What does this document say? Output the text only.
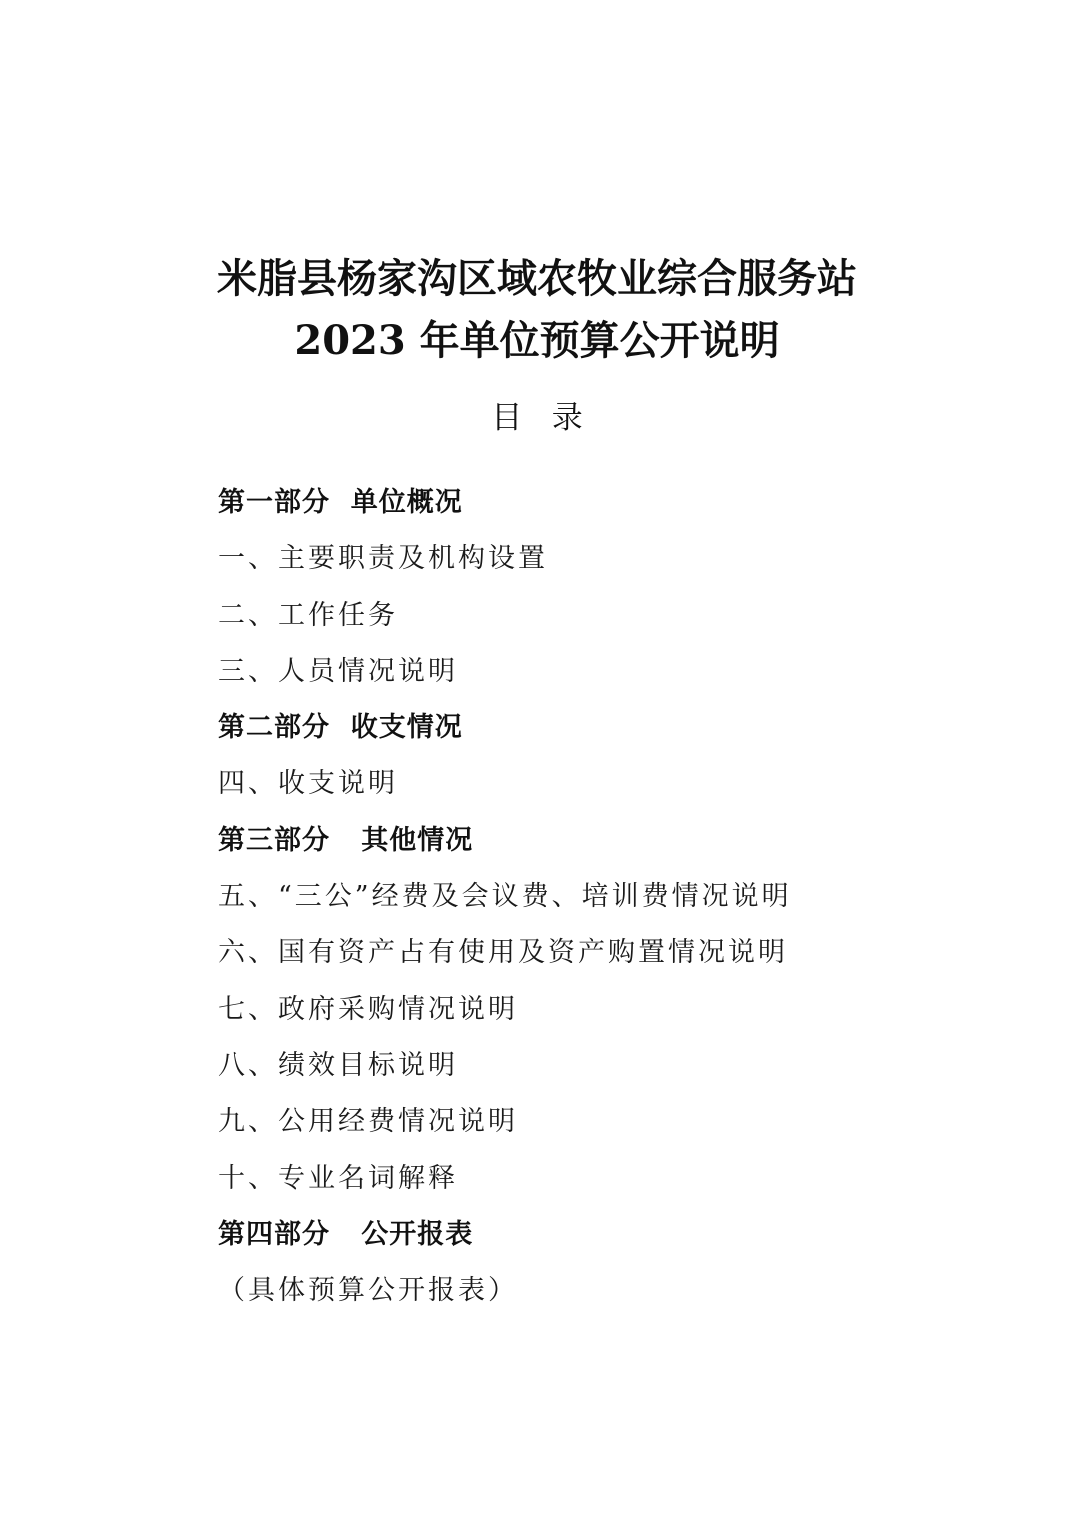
米脂县杨家沟区域农牧业综合服务站
2023 年单位预算公开说明
目   录
第一部分  单位概况
一、主要职责及机构设置
二、工作任务
三、人员情况说明
第二部分  收支情况
四、收支说明
第三部分   其他情况
五、“三公”经费及会议费、培训费情况说明
六、国有资产占有使用及资产购置情况说明
七、政府采购情况说明
八、绩效目标说明
九、公用经费情况说明
十、专业名词解释
第四部分   公开报表
（具体预算公开报表）
